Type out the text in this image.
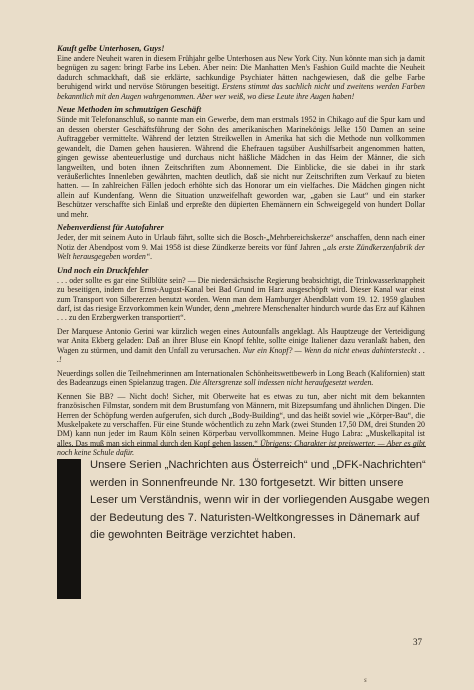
Kauft gelbe Unterhosen, Guys!

Eine andere Neuheit waren in diesem Frühjahr gelbe Unterhosen aus New York City. Nun könnte man sich ja damit begnügen zu sagen: bringt Farbe ins Leben. Aber nein: Die Manhatten Men's Fashion Guild machte die Neuheit dadurch schmackhaft, daß sie erklärte, sachkundige Psychiater hätten nachgewiesen, daß die gelbe Farbe beruhigend wirkt und nervöse Störungen beseitigt. Erstens stimmt das sachlich nicht und zweitens werden Farben bekanntlich mit den Augen wahrgenommen. Aber wer weiß, wo diese Leute ihre Augen haben!

Neue Methoden im schmutzigen Geschäft

Sünde mit Telefonanschluß, so nannte man ein Gewerbe, dem man erstmals 1952 in Chikago auf die Spur kam und an dessen oberster Geschäftsführung der Sohn des amerikanischen Marinekönigs Jelke 150 Damen an seine Auftraggeber vermittelte. Während der letzten Streikwellen in Amerika hat sich die Methode nun vollkommen gewandelt, die Damen gehen hausieren. Während die Ehefrauen tagsüber Aushilfsarbeit angenommen hatten, gingen gewisse abenteuerlustige und durchaus nicht häßliche Mädchen in das Heim der Männer, die sich langweilten, und boten ihnen Zeitschriften zum Abonnement. Die Einblicke, die sie dabei in ihr stark veräußerlichtes Innenleben gewährten, machten deutlich, daß sie nicht nur Zeitschriften zum Verkauf zu bieten hatten. — In zahlreichen Fällen jedoch erhöhte sich das Honorar um ein vielfaches. Die Mädchen gingen nicht allein auf Kundenfang. Wenn die Situation unzweifelhaft geworden war, „gaben sie Laut“ und ein starker Beschützer verschaffte sich Einlaß und erpreßte den düpierten Ehemännern ein Schweigegeld von hundert Dollar und mehr.

Nebenverdienst für Autofahrer

Jeder, der mit seinem Auto in Urlaub fährt, sollte sich die Bosch-„Mehrbereichskerze“ anschaffen, denn nach einer Notiz der Abendpost vom 9. Mai 1958 ist diese Zündkerze bereits vor fünf Jahren „als erste Zündkerzenfabrik der Welt herausgegeben worden“.

Und noch ein Druckfehler

. . . oder sollte es gar eine Stilblüte sein? — Die niedersächsische Regierung beabsichtigt, die Trinkwasserknappheit zu beseitigen, indem der Ernst-August-Kanal bei Bad Grund im Harz ausgeschöpft wird. Dieser Kanal war einst zum Transport von Silbererzen benutzt worden. Wenn man dem Hamburger Abendblatt vom 19. 12. 1959 glauben darf, ist das riesige Erzvorkommen kein Wunder, denn „mehrere Menschenalter hindurch wurde das Erz auf Kähnen . . . zu den Erzbergwerken transportiert“.

Der Marquese Antonio Gerini war kürzlich wegen eines Autounfalls angeklagt. Als Hauptzeuge der Verteidigung war Anita Ekberg geladen: Daß an ihrer Bluse ein Knopf fehlte, sollte einige Italiener dazu veranlaßt haben, den Wagen zu stürmen, und damit den Unfall zu verursachen. Nur ein Knopf? — Wenn da nicht etwas dahintersteckt . . .!

Neuerdings sollen die Teilnehmerinnen am Internationalen Schönheitswettbewerb in Long Beach (Kalifornien) statt des Badeanzugs einen Spielanzug tragen. Die Altersgrenze soll indessen nicht heraufgesetzt werden.

Kennen Sie BB? — Nicht doch! Sicher, mit Oberweite hat es etwas zu tun, aber nicht mit dem bekannten französischen Filmstar, sondern mit dem Brustumfang von Männern, mit Bizepsumfang und ähnlichen Dingen. Die Herren der Schöpfung werden aufgerufen, sich durch „Body-Building“, und das heißt soviel wie „Körper-Bau“, die Muskelpakete zu verschaffen. Für eine Stunde wöchentlich zu zehn Mark (zwei Stunden 17,50 DM, drei Stunden 20 DM) kann nun jeder im Raum Köln seinen Körperbau vervollkommnen. Meine Hugo Labra: „Muskelkapital ist alles. Das muß man sich einmal durch den Kopf gehen lassen.“ Übrigens: Charakter ist preiswerter. — Aber es gibt noch keine Schule dafür.

Unsere Serien „Nachrichten aus Österreich“ und „DFK-Nachrichten“ werden in Sonnenfreunde Nr. 130 fortgesetzt. Wir bitten unsere Leser um Verständnis, wenn wir in der vorliegenden Ausgabe wegen der Bedeutung des 7. Naturisten-Weltkongresses in Dänemark auf die gewohnten Beiträge verzichtet haben.

37
s
